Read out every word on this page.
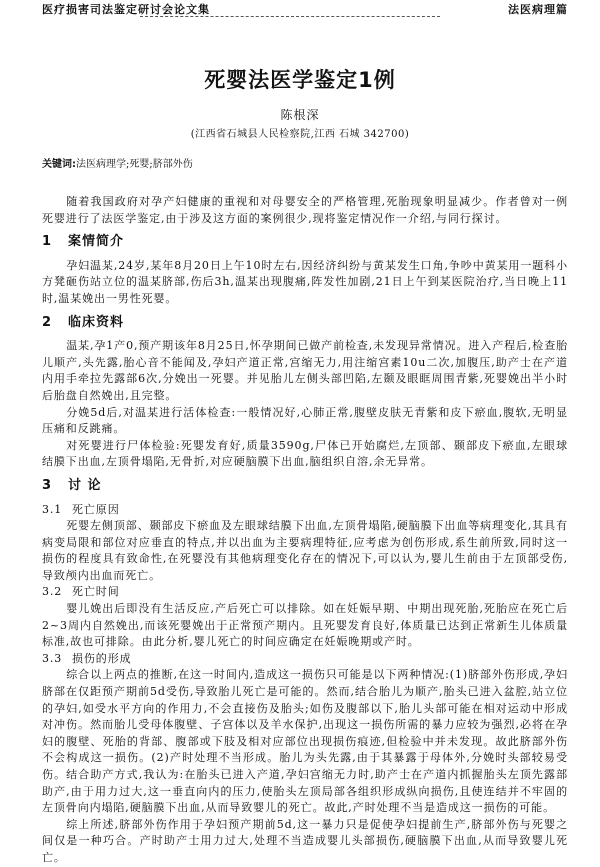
医疗损害司法鉴定研讨会论文集	法医病理篇
死婴法医学鉴定1例
陈根深
(江西省石城县人民检察院,江西 石城 342700)
关键词:法医病理学;死婴;脐部外伤

随着我国政府对孕产妇健康的重视和对母婴安全的严格管理,死胎现象明显减少。作者曾对一例死婴进行了法医学鉴定,由于涉及这方面的案例很少,现将鉴定情况作一介绍,与同行探讨。

1 案情简介

孕妇温某,24岁,某年8月20日上午10时左右,因经济纠纷与黄某发生口角,争吵中黄某用一题科小方凳砸伤站立位的温某脐部,伤后3h,温某出现腹痛,阵发性加剧,21日上午到某医院治疗,当日晚上11时,温某娩出一男性死婴。

2 临床资料

温某,孕1产0,预产期该年8月25日,怀孕期间已做产前检查,未发现异常情况。进入产程后,检查胎儿顺产,头先露,胎心音不能闻及,孕妇产道正常,宫缩无力,用注缩宫素10u二次,加腹压,助产士在产道内用手牵拉先露部6次,分娩出一死婴。并见胎儿左侧头部凹陷,左颞及眼眶周围青紫,死婴娩出半小时后胎盘自然娩出,且完整。

分娩5d后,对温某进行活体检查:一般情况好,心肺正常,腹壁皮肤无青紫和皮下瘀血,腹软,无明显压痛和反跳痛。

对死婴进行尸体检验:死婴发育好,质量3590g,尸体已开始腐烂,左顶部、颞部皮下瘀血,左眼球结膜下出血,左顶骨塌陷,无骨折,对应硬脑膜下出血,脑组织自溶,余无异常。

3 讨 论
3.1 死亡原因

死婴左侧顶部、颞部皮下瘀血及左眼球结膜下出血,左顶骨塌陷,硬脑膜下出血等病理变化,其具有病变局限和部位对应垂直的特点,并以出血为主要病理特征,应考虑为创伤形成,系生前所致,同时这一损伤的程度具有致命性,在死婴没有其他病理变化存在的情况下,可以认为,婴儿生前由于左顶部受伤,导致颅内出血而死亡。

3.2 死亡时间

婴儿娩出后即没有生活反应,产后死亡可以排除。如在妊娠早期、中期出现死胎,死胎应在死亡后2~3周内自然娩出,而该死婴娩出于正常预产期内。且死婴发育良好,体质量已达到正常新生儿体质量标准,故也可排除。由此分析,婴儿死亡的时间应确定在妊娠晚期或产时。

3.3 损伤的形成

综合以上两点的推断,在这一时间内,造成这一损伤只可能是以下两种情况:(1)脐部外伤形成,孕妇脐部在仅距预产期前5d受伤,导致胎儿死亡是可能的。然而,结合胎儿为顺产,胎头已进入盆腔,站立位的孕妇,如受水平方向的作用力,不会直接伤及胎头;如伤及腹部以下,胎儿头部可能在相对运动中形成对冲伤。然而胎儿受母体腹壁、子宫体以及羊水保护,出现这一损伤所需的暴力应较为强烈,必将在孕妇的腹壁、死胎的背部、腹部或下肢及相对应部位出现损伤痕迹,但检验中并未发现。故此脐部外伤不会构成这一损伤。(2)产时处理不当形成。胎儿为头先露,由于其暴露于母体外,分娩时头部较易受伤。结合助产方式,我认为:在胎头已进入产道,孕妇宫缩无力时,助产士在产道内抓握胎头左顶先露部助产,由于用力过大,这一垂直向内的压力,使胎头左顶局部各组织形成纵向损伤,且使连结并不牢固的左顶骨向内塌陷,硬脑膜下出血,从而导致婴儿的死亡。故此,产时处理不当是造成这一损伤的可能。

综上所述,脐部外伤作用于孕妇预产期前5d,这一暴力只是促使孕妇提前生产,脐部外伤与死婴之间仅是一种巧合。产时助产士用力过大,处理不当造成婴儿头部损伤,硬脑膜下出血,从而导致婴儿死亡。
